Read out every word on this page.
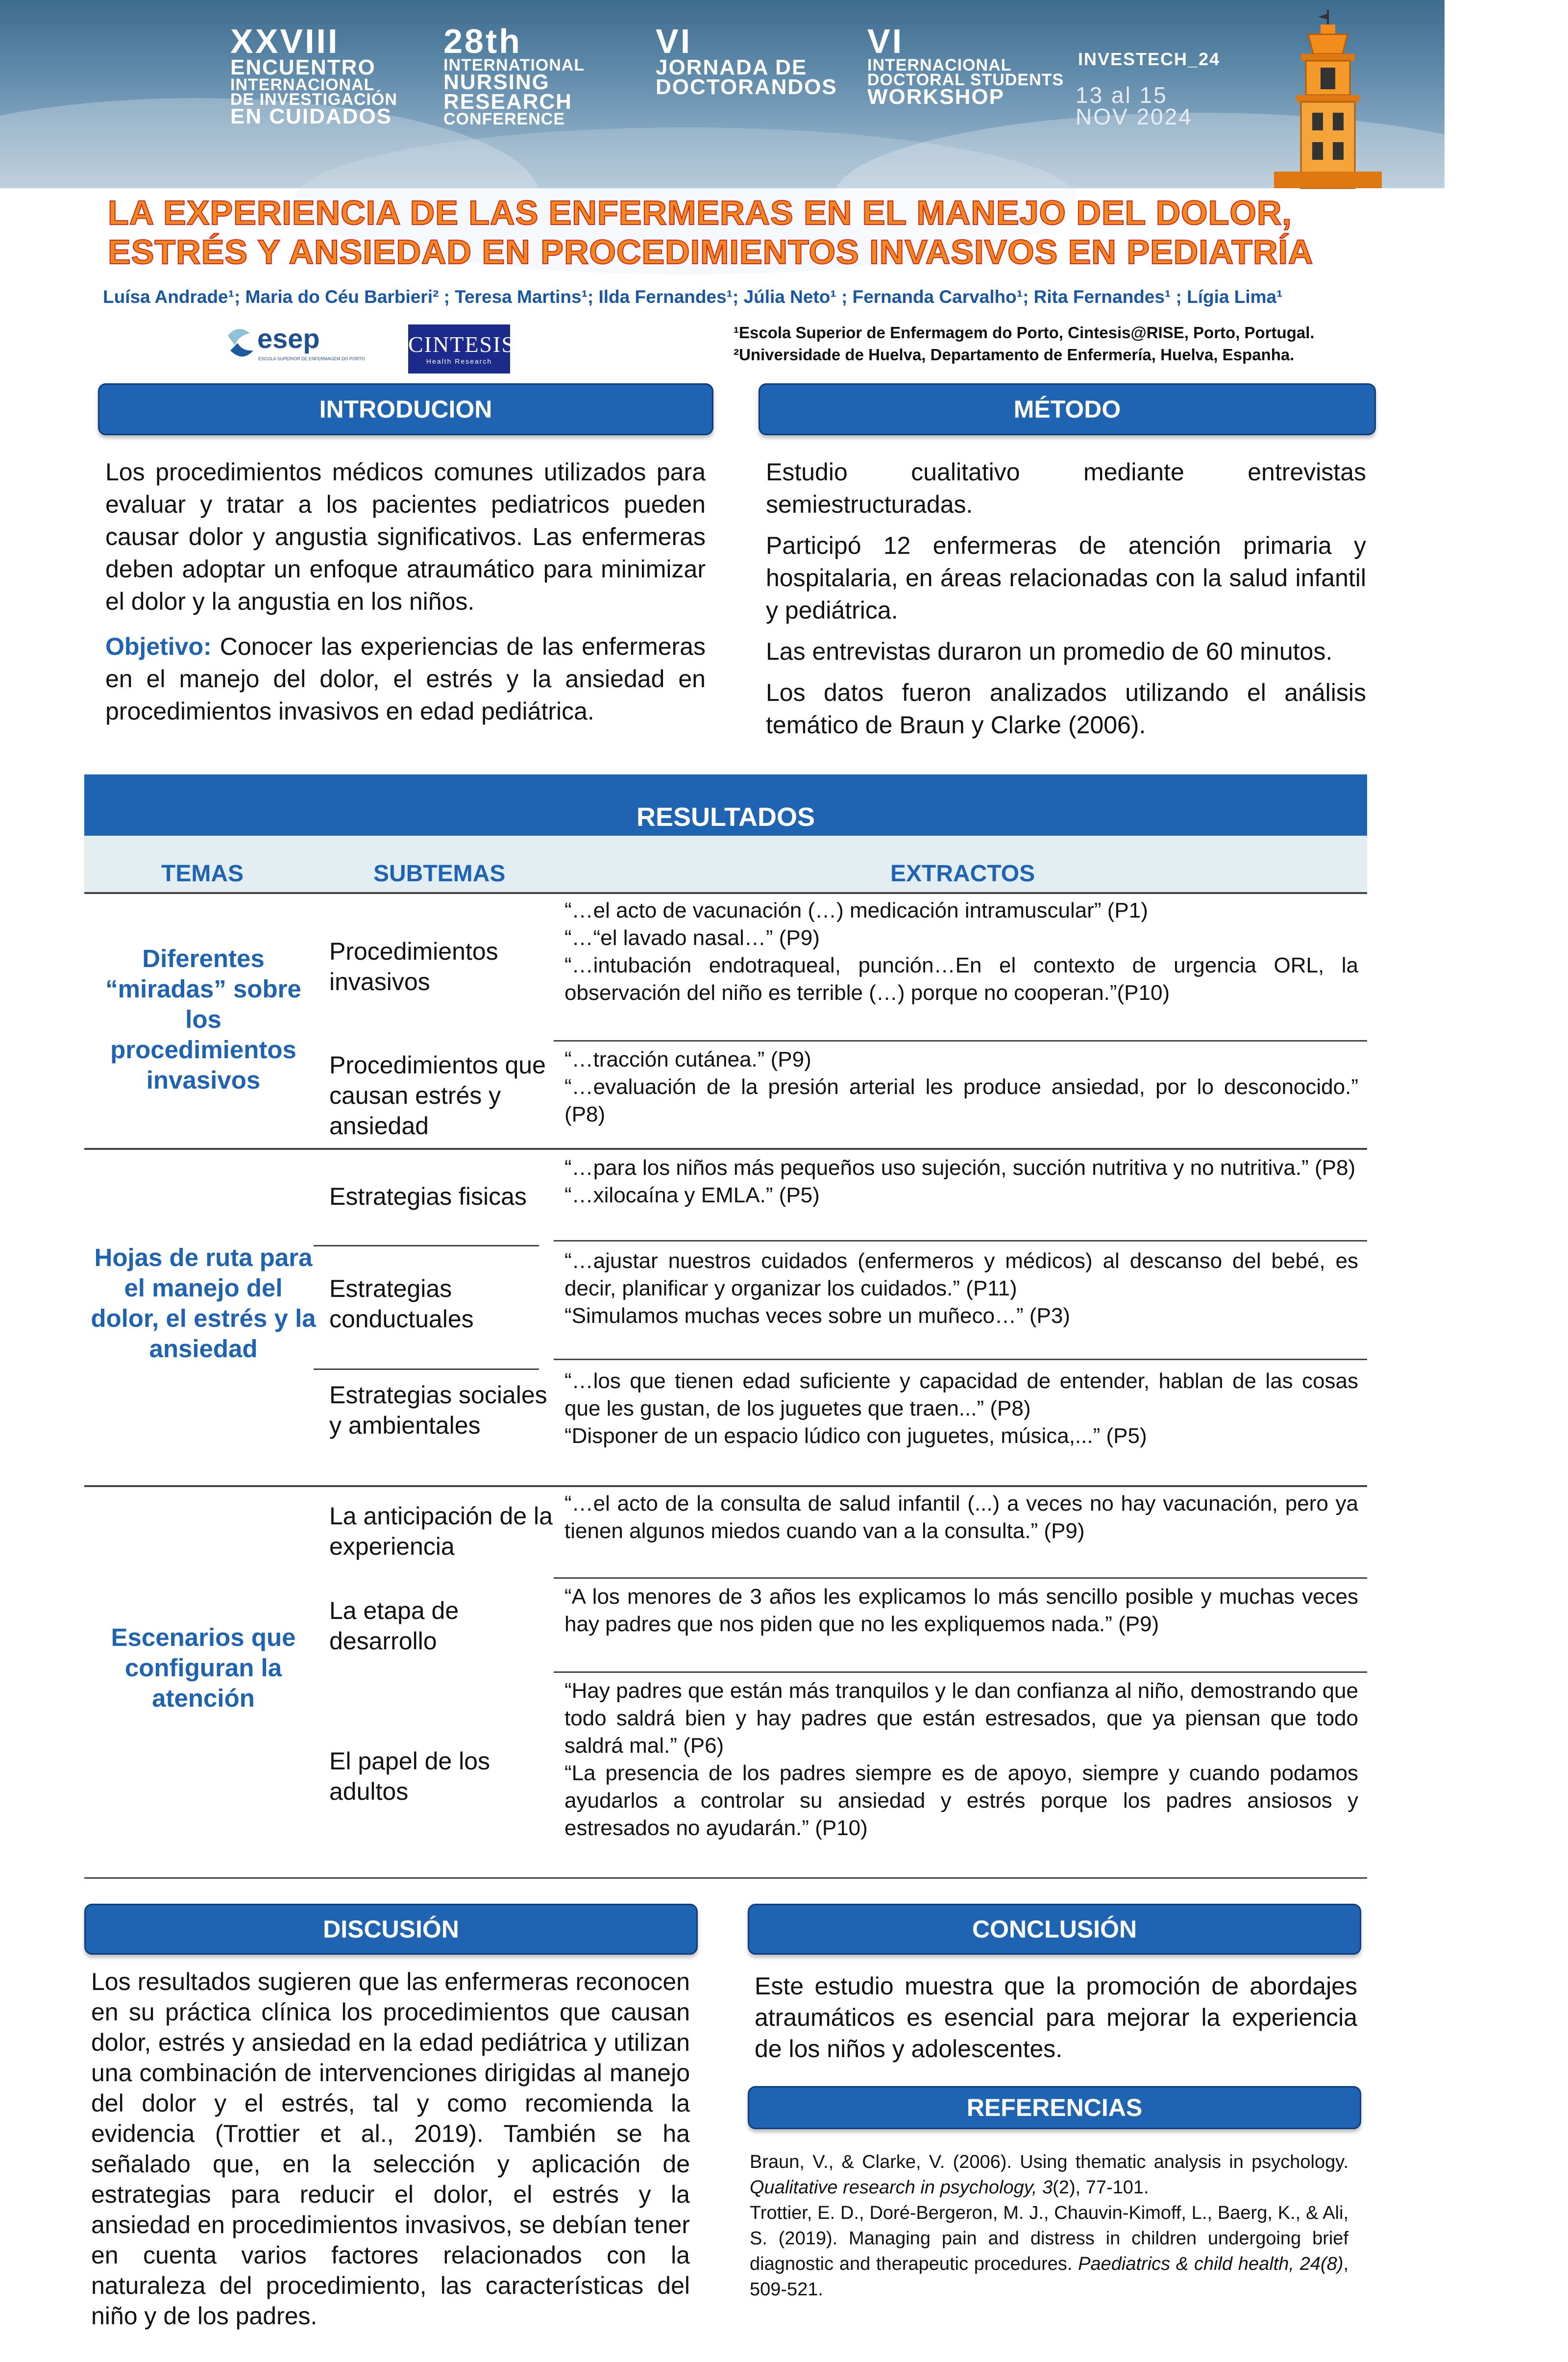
XXVIII
ENCUENTRO
INTERNACIONAL
DE INVESTIGACIÓN
EN CUIDADOS
28th
INTERNATIONAL
NURSING
RESEARCH
CONFERENCE
VI
JORNADA DE
DOCTORANDOS
VI
INTERNACIONAL
DOCTORAL STUDENTS
WORKSHOP
INVESTECH_24
13 al 15
NOV 2024
LA EXPERIENCIA DE LAS ENFERMERAS EN EL MANEJO DEL DOLOR,
ESTRÉS Y ANSIEDAD EN PROCEDIMIENTOS INVASIVOS EN PEDIATRÍA
Luísa Andrade¹; Maria do Céu Barbieri² ; Teresa Martins¹; Ilda Fernandes¹; Júlia Neto¹ ; Fernanda Carvalho¹; Rita Fernandes¹ ; Lígia Lima¹
esep
ESCOLA SUPERIOR DE ENFERMAGEM DO PORTO
CINTESIS
Health Research
¹Escola Superior de Enfermagem do Porto, Cintesis@RISE, Porto, Portugal.
²Universidade de Huelva, Departamento de Enfermería, Huelva, Espanha.
INTRODUCION

Los procedimientos médicos comunes utilizados para evaluar y tratar a los pacientes pediatricos pueden causar dolor y angustia significativos. Las enfermeras deben adoptar un enfoque atraumático para minimizar el dolor y la angustia en los niños.

Objetivo: Conocer las experiencias de las enfermeras en el manejo del dolor, el estrés y la ansiedad en procedimientos invasivos en edad pediátrica.

MÉTODO

Estudio cualitativo mediante entrevistas semiestructuradas.

Participó 12 enfermeras de atención primaria y hospitalaria, en áreas relacionadas con la salud infantil y pediátrica.

Las entrevistas duraron un promedio de 60 minutos.

Los datos fueron analizados utilizando el análisis temático de Braun y Clarke (2006).

RESULTADOS
TEMAS	SUBTEMAS	EXTRACTOS
Diferentes “miradas” sobre los procedimientos invasivos
Hojas de ruta para el manejo del dolor, el estrés y la ansiedad
Escenarios que configuran la atención
Procedimientos invasivos
Procedimientos que causan estrés y ansiedad
Estrategias fisicas
Estrategias conductuales
Estrategias sociales y ambientales
La anticipación de la experiencia
La etapa de desarrollo
El papel de los adultos
“…el acto de vacunación (…) medicación intramuscular” (P1)
“…“el lavado nasal…” (P9)
“…intubación endotraqueal, punción…En el contexto de urgencia ORL, la observación del niño es terrible (…) porque no cooperan.”(P10)
“…tracción cutánea.” (P9)
“…evaluación de la presión arterial les produce ansiedad, por lo desconocido.” (P8)
“…para los niños más pequeños uso sujeción, succión nutritiva y no nutritiva.” (P8)
“…xilocaína y EMLA.” (P5)
“…ajustar nuestros cuidados (enfermeros y médicos) al descanso del bebé, es decir, planificar y organizar los cuidados.” (P11)
“Simulamos muchas veces sobre un muñeco…” (P3)
“…los que tienen edad suficiente y capacidad de entender, hablan de las cosas que les gustan, de los juguetes que traen...” (P8)
“Disponer de un espacio lúdico con juguetes, música,...” (P5)
“…el acto de la consulta de salud infantil (...) a veces no hay vacunación, pero ya tienen algunos miedos cuando van a la consulta.” (P9)
“A los menores de 3 años les explicamos lo más sencillo posible y muchas veces hay padres que nos piden que no les expliquemos nada.” (P9)
“Hay padres que están más tranquilos y le dan confianza al niño, demostrando que todo saldrá bien y hay padres que están estresados, que ya piensan que todo saldrá mal.” (P6)
“La presencia de los padres siempre es de apoyo, siempre y cuando podamos ayudarlos a controlar su ansiedad y estrés porque los padres ansiosos y estresados no ayudarán.” (P10)
DISCUSIÓN
Los resultados sugieren que las enfermeras reconocen en su práctica clínica los procedimientos que causan dolor, estrés y ansiedad en la edad pediátrica y utilizan una combinación de intervenciones dirigidas al manejo del dolor y el estrés, tal y como recomienda la evidencia (Trottier et al., 2019). También se ha señalado que, en la selección y aplicación de estrategias para reducir el dolor, el estrés y la ansiedad en procedimientos invasivos, se debían tener en cuenta varios factores relacionados con la naturaleza del procedimiento, las características del niño y de los padres.
CONCLUSIÓN
Este estudio muestra que la promoción de abordajes atraumáticos es esencial para mejorar la experiencia de los niños y adolescentes.
REFERENCIAS
Braun, V., & Clarke, V. (2006). Using thematic analysis in psychology. Qualitative research in psychology, 3(2), 77-101.
Trottier, E. D., Doré-Bergeron, M. J., Chauvin-Kimoff, L., Baerg, K., & Ali, S. (2019). Managing pain and distress in children undergoing brief diagnostic and therapeutic procedures. Paediatrics & child health, 24(8), 509-521.
